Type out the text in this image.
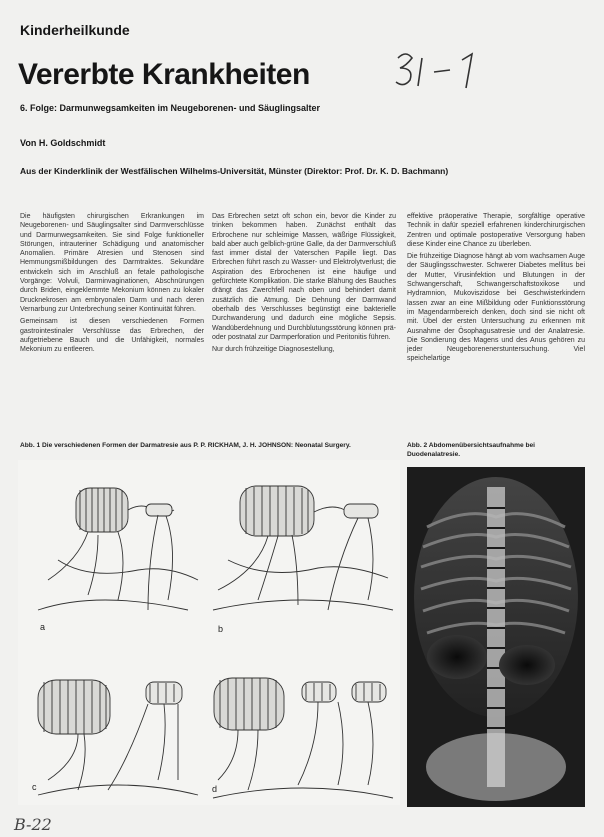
Kinderheilkunde
Vererbte Krankheiten
6. Folge: Darmunwegsamkeiten im Neugeborenen- und Säuglingsalter
Von H. Goldschmidt
Aus der Kinderklinik der Westfälischen Wilhelms-Universität, Münster (Direktor: Prof. Dr. K. D. Bachmann)

Die häufigsten chirurgischen Erkrankungen im Neugeborenen- und Säuglingsalter sind Darmverschlüsse und Darmunwegsamkeiten. Sie sind Folge funktioneller Störungen, intrauteriner Schädigung und anatomischer Anomalien. Primäre Atresien und Stenosen sind Hemmungsmißbildungen des Darmtraktes. Sekundäre entwickeln sich im Anschluß an fetale pathologische Vorgänge: Volvuli, Darminvaginationen, Abschnürungen durch Briden, eingeklemmte Mekonium können zu lokaler Drucknekrosen am embryonalen Darm und nach deren Vernarbung zur Unterbrechung seiner Kontinuität führen.

Gemeinsam ist diesen verschiedenen Formen gastrointestinaler Verschlüsse das Erbrechen, der aufgetriebene Bauch und die Unfähigkeit, normales Mekonium zu entleeren.

Das Erbrechen setzt oft schon ein, bevor die Kinder zu trinken bekommen haben. Zunächst enthält das Erbrochene nur schleimige Massen, wäßrige Flüssigkeit, bald aber auch gelblich-grüne Galle, da der Darmverschluß fast immer distal der Vaterschen Papille liegt. Das Erbrechen führt rasch zu Wasser- und Elektrolytverlust; die Aspiration des Erbrochenen ist eine häufige und gefürchtete Komplikation. Die starke Blähung des Bauches drängt das Zwerchfell nach oben und behindert damit zusätzlich die Atmung. Die Dehnung der Darmwand oberhalb des Verschlusses begünstigt eine bakterielle Durchwanderung und dadurch eine mögliche Sepsis. Wandüberdehnung und Durchblutungsstörung können prä- oder postnatal zur Darmperforation und Peritonitis führen.

Nur durch frühzeitige Diagnosestellung,

effektive präoperative Therapie, sorgfältige operative Technik in dafür speziell erfahrenen kinderchirurgischen Zentren und optimale postoperative Versorgung haben diese Kinder eine Chance zu überleben.

Die frühzeitige Diagnose hängt ab vom wachsamen Auge der Säuglingsschwester. Schwerer Diabetes mellitus bei der Mutter, Virusinfektion und Blutungen in der Schwangerschaft, Schwangerschaftstoxikose und Hydramnion, Mukoviszidose bei Geschwisterkindern lassen zwar an eine Mißbildung oder Funktionsstörung im Magendarmbereich denken, doch sind sie nicht oft mit. Übel der ersten Untersuchung zu erkennen mit Ausnahme der Ösophagusatresie und der Analatresie. Die Sondierung des Magens und des Anus gehören zu jeder Neugeborenenerstuntersuchung. Viel speichelartige

Abb. 1 Die verschiedenen Formen der Darmatresie aus P. P. RICKHAM, J. H. JOHNSON: Neonatal Surgery.	Abb. 2 Abdomenübersichtsaufnahme bei Duodenalatresie.
a	b
c	d
B-22
